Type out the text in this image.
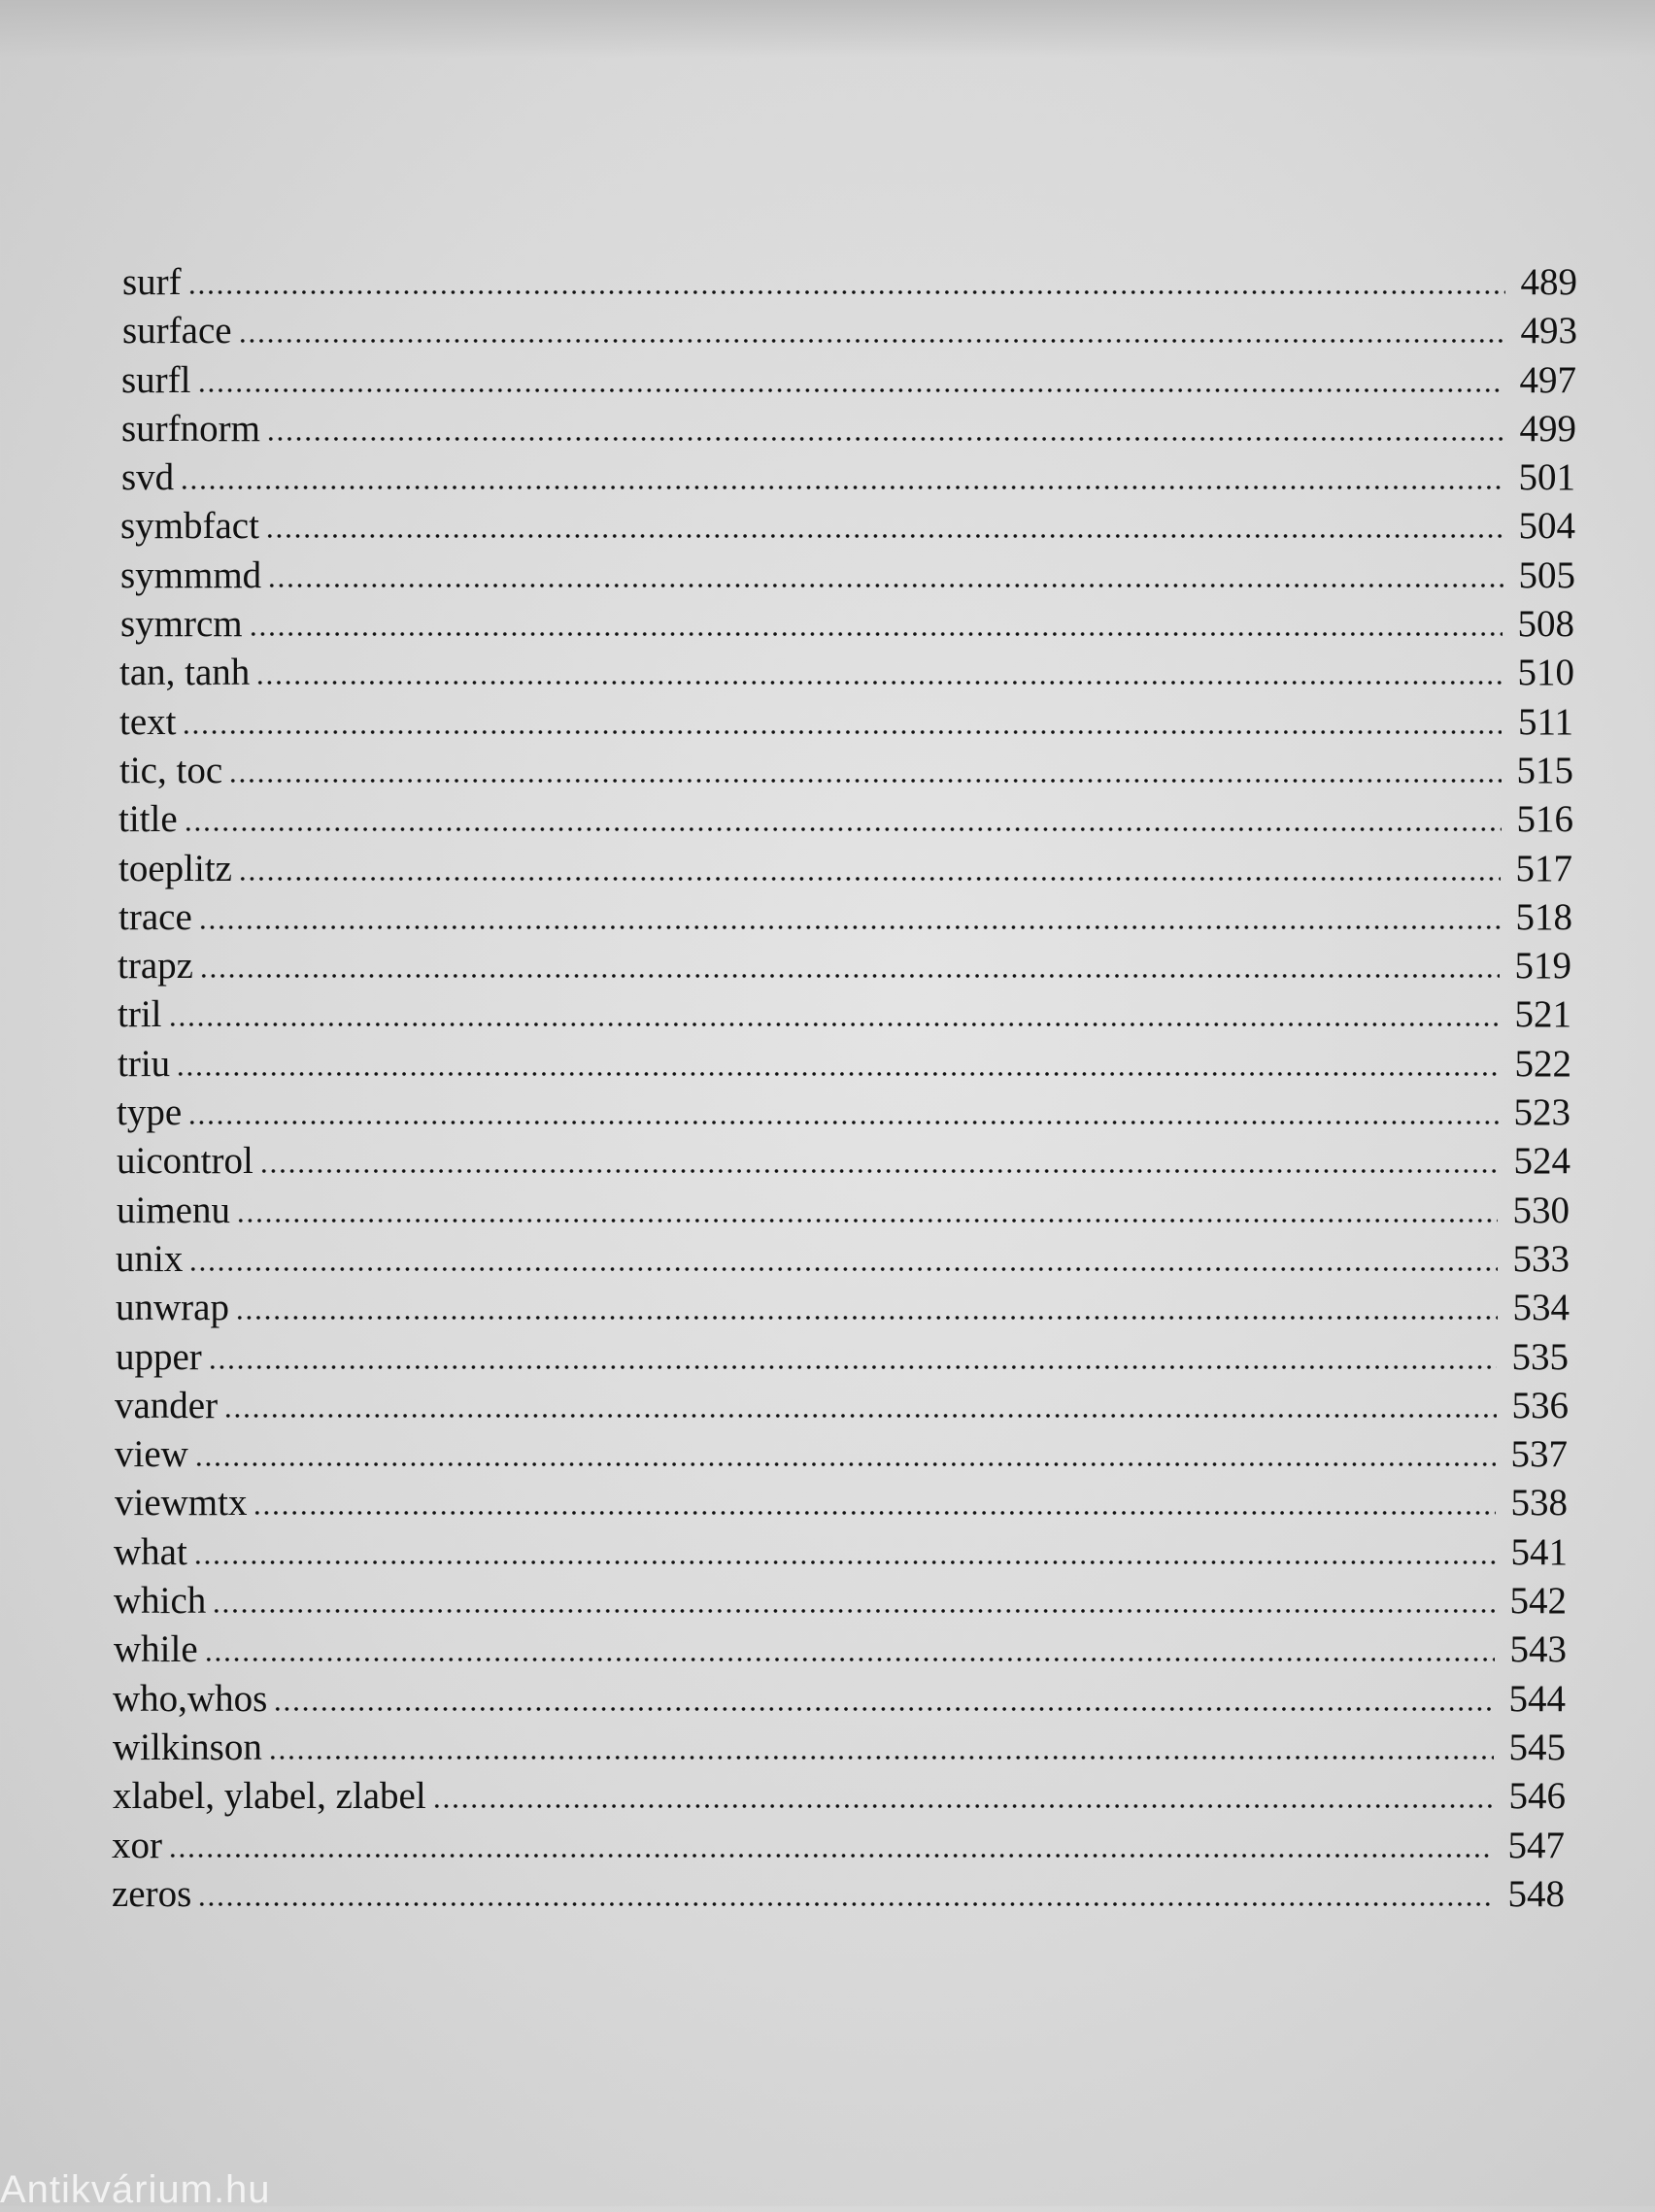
surf	489
surface	493
surfl	497
surfnorm	499
svd	501
symbfact	504
symmmd	505
symrcm	508
tan, tanh	510
text	511
tic, toc	515
title	516
toeplitz	517
trace	518
trapz	519
tril	521
triu	522
type	523
uicontrol	524
uimenu	530
unix	533
unwrap	534
upper	535
vander	536
view	537
viewmtx	538
what	541
which	542
while	543
who,whos	544
wilkinson	545
xlabel, ylabel, zlabel	546
xor	547
zeros	548
Antikvárium.hu
